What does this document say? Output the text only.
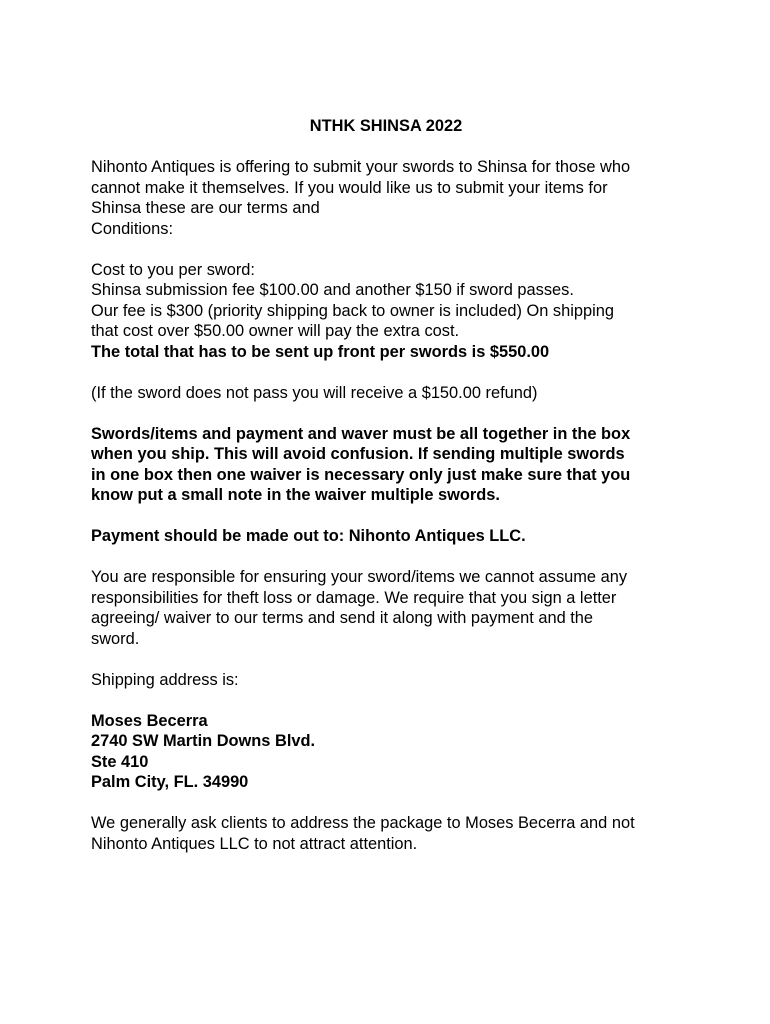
NTHK SHINSA 2022
Nihonto Antiques is offering to submit your swords to Shinsa for those who
cannot make it themselves. If you would like us to submit your items for
Shinsa these are our terms and
Conditions:
Cost to you per sword:
Shinsa submission fee $100.00 and another $150 if sword passes.
Our fee is $300 (priority shipping back to owner is included) On shipping
that cost over $50.00 owner will pay the extra cost.
The total that has to be sent up front per swords is $550.00
(If the sword does not pass you will receive a $150.00 refund)
Swords/items and payment and waver must be all together in the box
when you ship. This will avoid confusion. If sending multiple swords
in one box then one waiver is necessary only just make sure that you
know put a small note in the waiver multiple swords.
Payment should be made out to: Nihonto Antiques LLC.
You are responsible for ensuring your sword/items we cannot assume any
responsibilities for theft loss or damage. We require that you sign a letter
agreeing/ waiver to our terms and send it along with payment and the
sword.
Shipping address is:
Moses Becerra
2740 SW Martin Downs Blvd.
Ste 410
Palm City, FL. 34990
We generally ask clients to address the package to Moses Becerra and not
Nihonto Antiques LLC to not attract attention.
